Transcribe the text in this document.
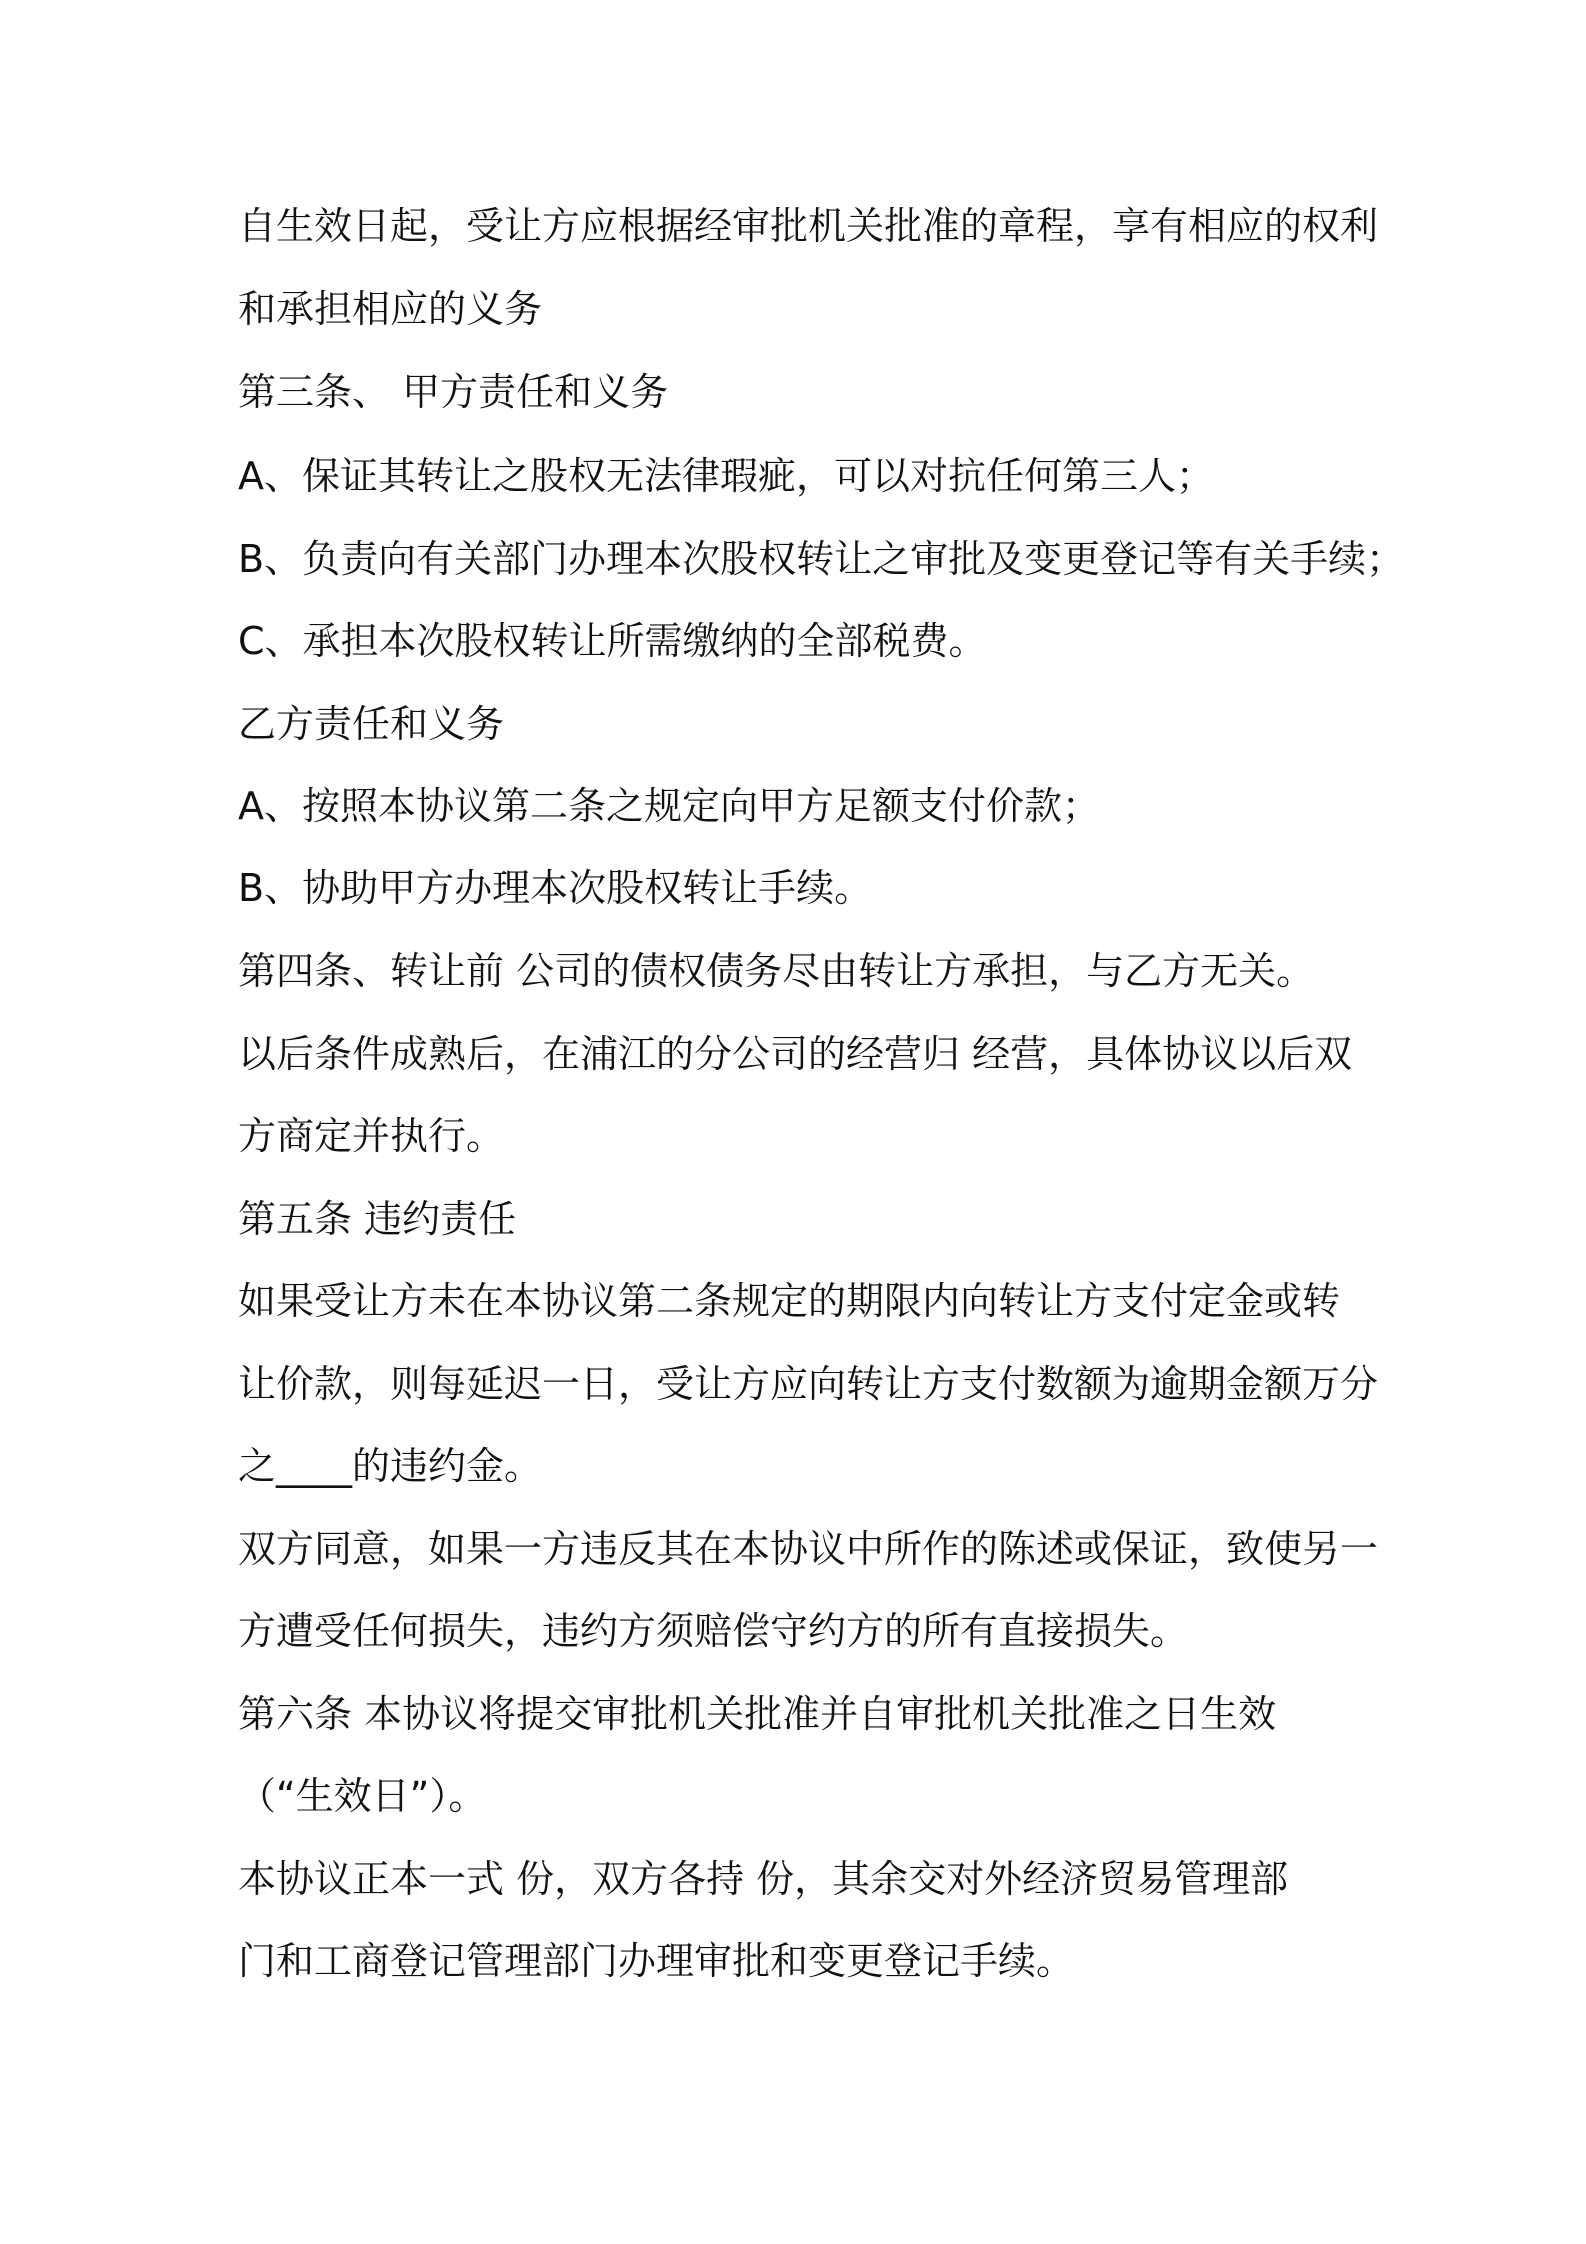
自生效日起，受让方应根据经审批机关批准的章程，享有相应的权利
和承担相应的义务
第三条、 甲方责任和义务
A、保证其转让之股权无法律瑕疵，可以对抗任何第三人；
B、负责向有关部门办理本次股权转让之审批及变更登记等有关手续；
C、承担本次股权转让所需缴纳的全部税费。
乙方责任和义务
A、按照本协议第二条之规定向甲方足额支付价款；
B、协助甲方办理本次股权转让手续。
第四条、转让前 公司的债权债务尽由转让方承担，与乙方无关。
以后条件成熟后，在浦江的分公司的经营归 经营，具体协议以后双
方商定并执行。
第五条 违约责任
如果受让方未在本协议第二条规定的期限内向转让方支付定金或转
让价款，则每延迟一日，受让方应向转让方支付数额为逾期金额万分
之____的违约金。
双方同意，如果一方违反其在本协议中所作的陈述或保证，致使另一
方遭受任何损失，违约方须赔偿守约方的所有直接损失。
第六条 本协议将提交审批机关批准并自审批机关批准之日生效
（“生效日”）。
本协议正本一式 份，双方各持 份，其余交对外经济贸易管理部
门和工商登记管理部门办理审批和变更登记手续。
